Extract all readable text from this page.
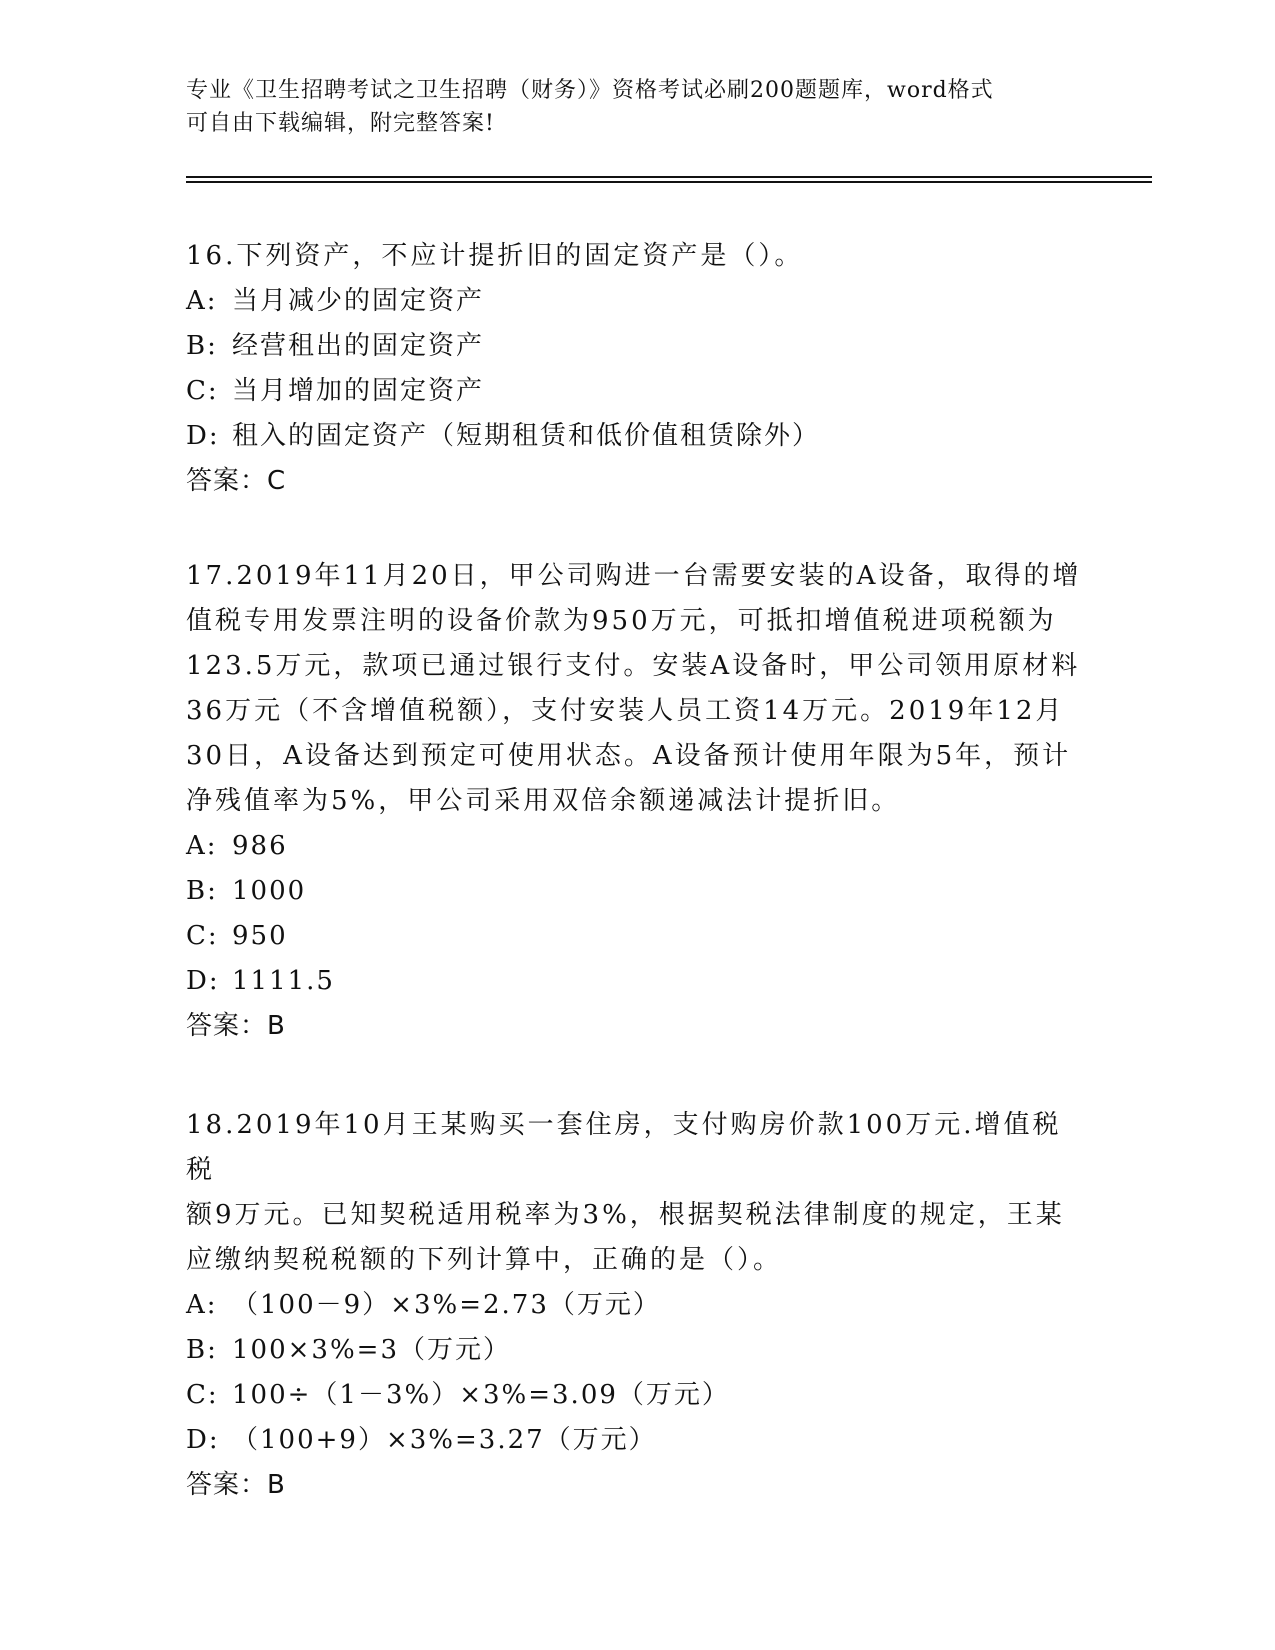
专业《卫生招聘考试之卫生招聘（财务）》资格考试必刷200题题库，word格式
可自由下载编辑，附完整答案!
16.下列资产，不应计提折旧的固定资产是（）。
A: 当月减少的固定资产
B: 经营租出的固定资产
C: 当月增加的固定资产
D: 租入的固定资产（短期租赁和低价值租赁除外）
答案：C
17.2019年11月20日，甲公司购进一台需要安装的A设备，取得的增
值税专用发票注明的设备价款为950万元，可抵扣增值税进项税额为
123.5万元，款项已通过银行支付。安装A设备时，甲公司领用原材料
36万元（不含增值税额），支付安装人员工资14万元。2019年12月
30日，A设备达到预定可使用状态。A设备预计使用年限为5年，预计
净残值率为5%，甲公司采用双倍余额递减法计提折旧。
A: 986
B: 1000
C: 950
D: 1111.5
答案：B
18.2019年10月王某购买一套住房，支付购房价款100万元.增值税税
额9万元。已知契税适用税率为3%，根据契税法律制度的规定，王某
应缴纳契税税额的下列计算中，正确的是（）。
A: （100－9）×3%=2.73（万元）
B: 100×3%=3（万元）
C: 100÷（1－3%）×3%=3.09（万元）
D: （100+9）×3%=3.27（万元）
答案：B
